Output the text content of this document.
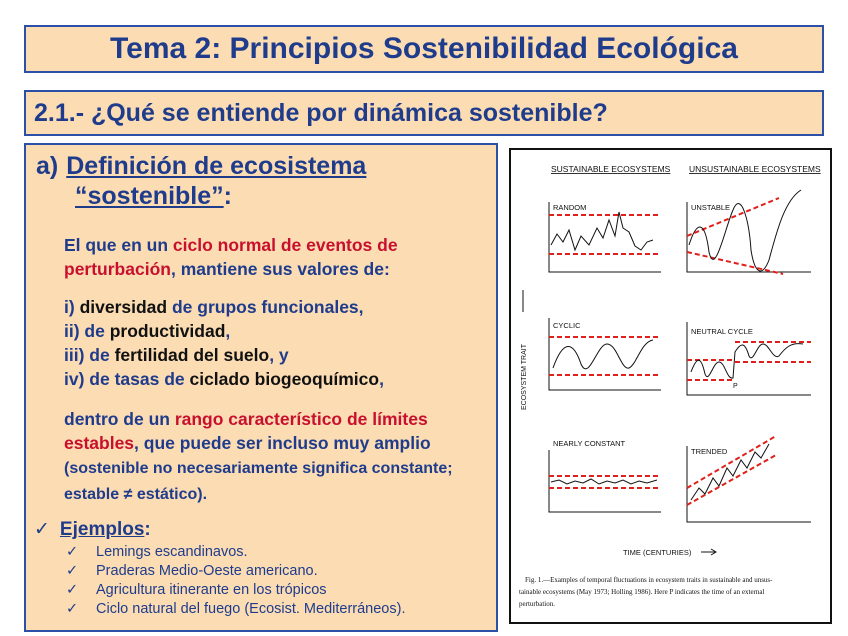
Tema 2: Principios Sostenibilidad Ecológica
2.1.- ¿Qué se entiende por dinámica sostenible?
a) Definición de ecosistema
“sostenible”:
El que en un ciclo normal de eventos de perturbación, mantiene sus valores de:
i) diversidad de grupos funcionales,
ii) de productividad,
iii) de fertilidad del suelo, y
iv) de tasas de ciclado biogeoquímico,
dentro de un rango característico de límites estables, que puede ser incluso muy amplio (sostenible no necesariamente significa constante; estable ≠ estático).
✓ Ejemplos:
✓ Lemings escandinavos.
✓ Praderas Medio-Oeste americano.
✓ Agricultura itinerante en los trópicos
✓ Ciclo natural del fuego (Ecosist. Mediterráneos).
SUSTAINABLE ECOSYSTEMS UNSUSTAINABLE ECOSYSTEMS
ECOSYSTEM TRAIT
RANDOM	UNSTABLE
CYCLIC
NEUTRAL CYCLE
P
NEARLY CONSTANT
TRENDED
TIME (CENTURIES)
Fig. 1.—Examples of temporal fluctuations in ecosystem traits in sustainable and unsus-
tainable ecosystems (May 1973; Holling 1986). Here P indicates the time of an external
perturbation.
